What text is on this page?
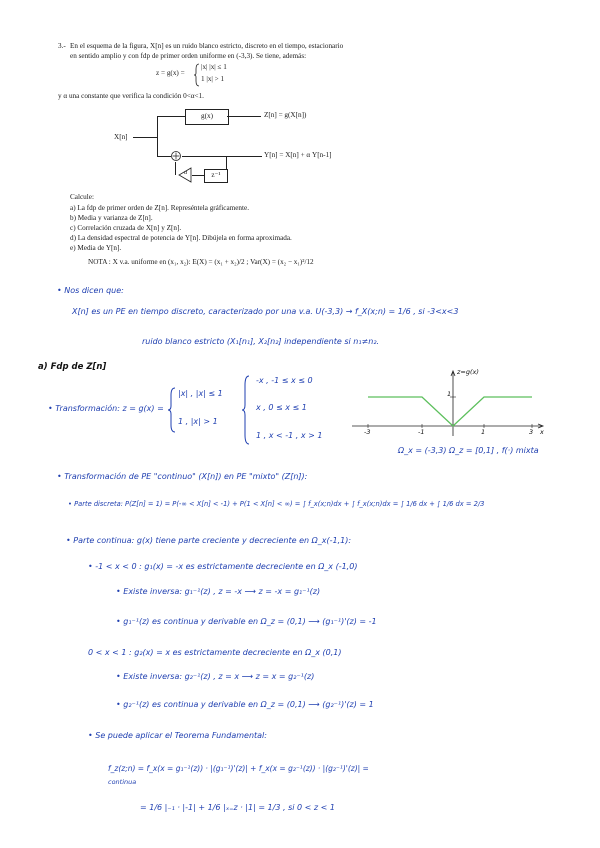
3.- En el esquema de la figura, X[n] es un ruido blanco estricto, discreto en el tiempo, estacionario
en sentido amplio y con fdp de primer orden uniforme en (-3,3). Se tiene, además:
z = g(x) =
|x| |x| ≤ 1
1 |x| > 1
y α una constante que verifica la condición 0<α<1.
X[n]
g(x)	Z[n] = g(X[n])
Y[n] = X[n] + α Y[n-1]
z⁻¹
α
Calcule:
a) La fdp de primer orden de Z[n]. Represéntela gráficamente.
b) Media y varianza de Z[n].
c) Correlación cruzada de X[n] y Z[n].
d) La densidad espectral de potencia de Y[n]. Dibújela en forma aproximada.
e) Media de Y[n].
NOTA : X v.a. uniforme en (x₁, x₂): E(X) = (x₁ + x₂)/2 ; Var(X) = (x₂ − x₁)²/12
• Nos dicen que:
X[n] es un PE en tiempo discreto, caracterizado por una v.a. U(-3,3) → f_X(x;n) = 1/6 , si -3<x<3
ruido blanco estricto (X₁[n₁], X₂[n₂] independiente si n₁≠n₂.
a) Fdp de Z[n]
• Transformación: z = g(x) =
|x| , |x| ≤ 1
1 , |x| > 1
-x , -1 ≤ x ≤ 0
x , 0 ≤ x ≤ 1
1 , x < -1 , x > 1
z=g(x)
x
1
-3	-1	1	3
Ω_x = (-3,3) Ω_z = [0,1] , f(·) mixta
• Transformación de PE "continuo" (X[n]) en PE "mixto" (Z[n]):
• Parte discreta: P(Z[n] = 1) = P(-∞ < X[n] < -1) + P(1 < X[n] < ∞) = ∫ f_x(x;n)dx + ∫ f_x(x;n)dx = ∫ 1/6 dx + ∫ 1/6 dx = 2/3
• Parte continua: g(x) tiene parte creciente y decreciente en Ω_x(-1,1):
• -1 < x < 0 : g₁(x) = -x es estrictamente decreciente en Ω_x (-1,0)
• Existe inversa: g₁⁻¹(z) , z = -x ⟶ z = -x = g₁⁻¹(z)
• g₁⁻¹(z) es continua y derivable en Ω_z = (0,1) ⟶ (g₁⁻¹)'(z) = -1
0 < x < 1 : g₂(x) = x es estrictamente decreciente en Ω_x (0,1)
• Existe inversa: g₂⁻¹(z) , z = x ⟶ z = x = g₂⁻¹(z)
• g₂⁻¹(z) es continua y derivable en Ω_z = (0,1) ⟶ (g₂⁻¹)'(z) = 1
• Se puede aplicar el Teorema Fundamental:
f_z(z;n) = f_x(x = g₁⁻¹(z)) · |(g₁⁻¹)'(z)| + f_x(x = g₂⁻¹(z)) · |(g₂⁻¹)'(z)| =
continua
= 1/6 |₋₁ · |-1| + 1/6 |ₓ₌z · |1| = 1/3 , si 0 < z < 1
